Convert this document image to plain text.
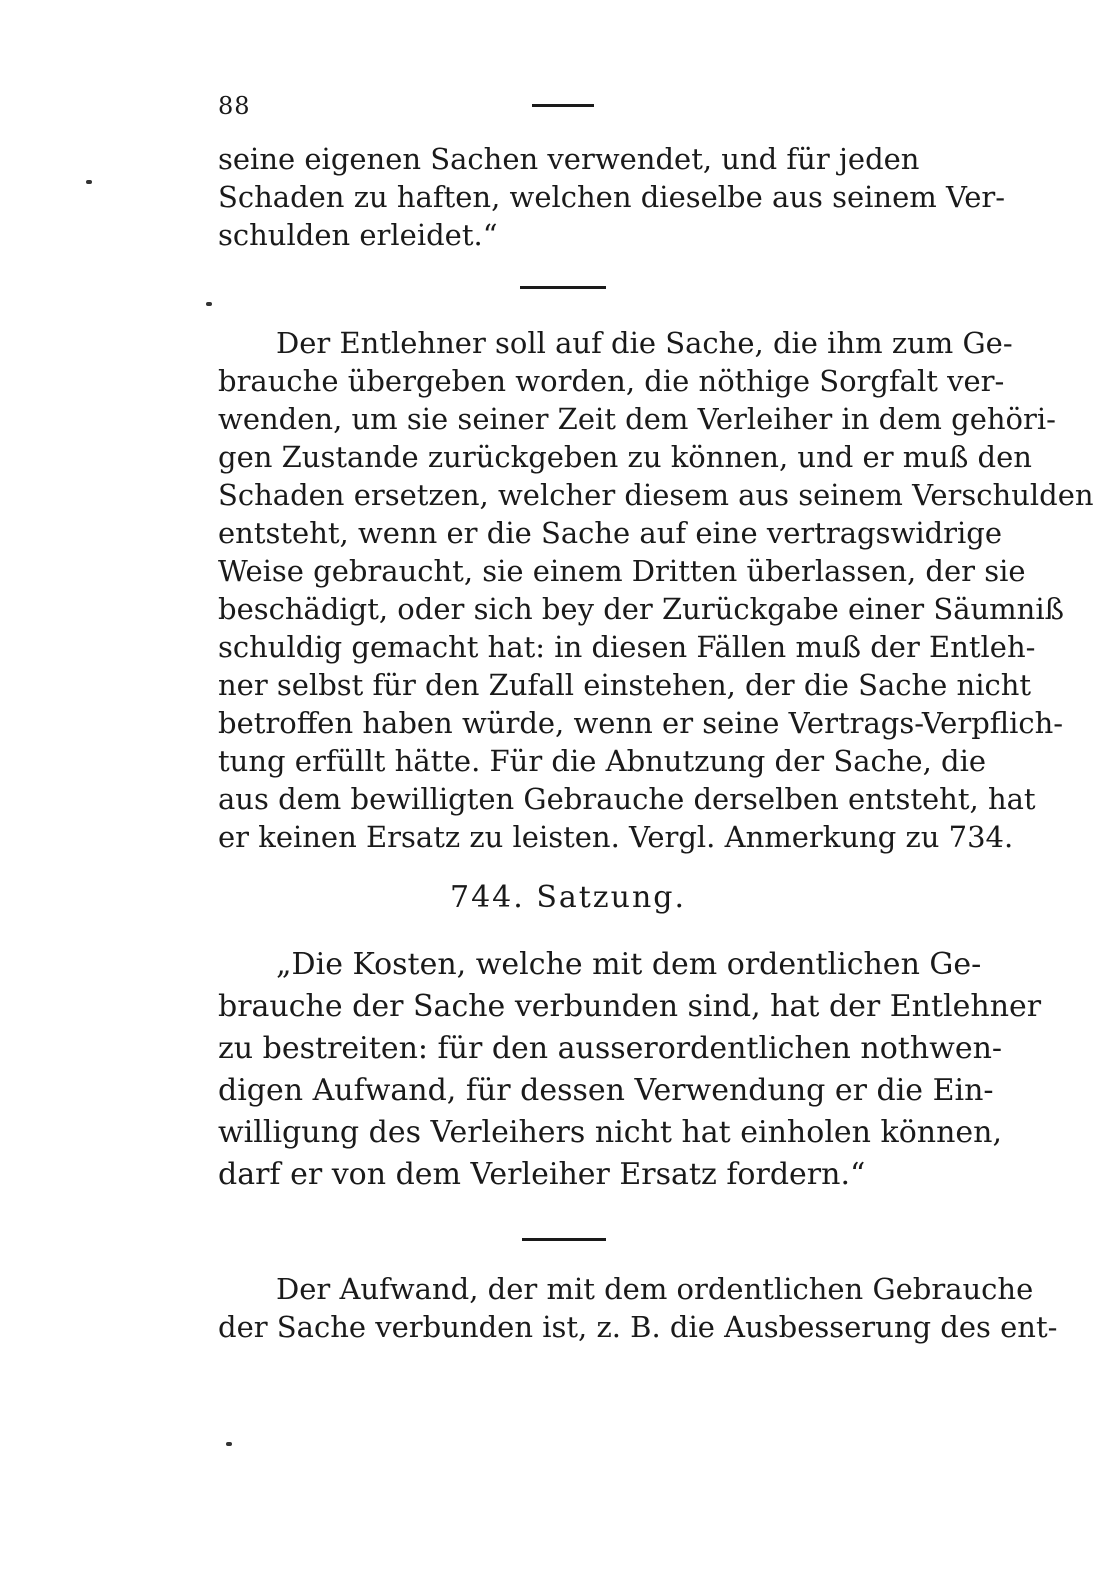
88
seine eigenen Sachen verwendet, und für jeden
Schaden zu haften, welchen dieselbe aus seinem Ver-
schulden erleidet.“
Der Entlehner soll auf die Sache, die ihm zum Ge-
brauche übergeben worden, die nöthige Sorgfalt ver-
wenden, um sie seiner Zeit dem Verleiher in dem gehöri-
gen Zustande zurückgeben zu können, und er muß den
Schaden ersetzen, welcher diesem aus seinem Verschulden
entsteht, wenn er die Sache auf eine vertragswidrige
Weise gebraucht, sie einem Dritten überlassen, der sie
beschädigt, oder sich bey der Zurückgabe einer Säumniß
schuldig gemacht hat: in diesen Fällen muß der Entleh-
ner selbst für den Zufall einstehen, der die Sache nicht
betroffen haben würde, wenn er seine Vertrags-Verpflich-
tung erfüllt hätte. Für die Abnutzung der Sache, die
aus dem bewilligten Gebrauche derselben entsteht, hat
er keinen Ersatz zu leisten. Vergl. Anmerkung zu 734.
744. Satzung.
„Die Kosten, welche mit dem ordentlichen Ge-
brauche der Sache verbunden sind, hat der Entlehner
zu bestreiten: für den ausserordentlichen nothwen-
digen Aufwand, für dessen Verwendung er die Ein-
willigung des Verleihers nicht hat einholen können,
darf er von dem Verleiher Ersatz fordern.“
Der Aufwand, der mit dem ordentlichen Gebrauche
der Sache verbunden ist, z. B. die Ausbesserung des ent-
